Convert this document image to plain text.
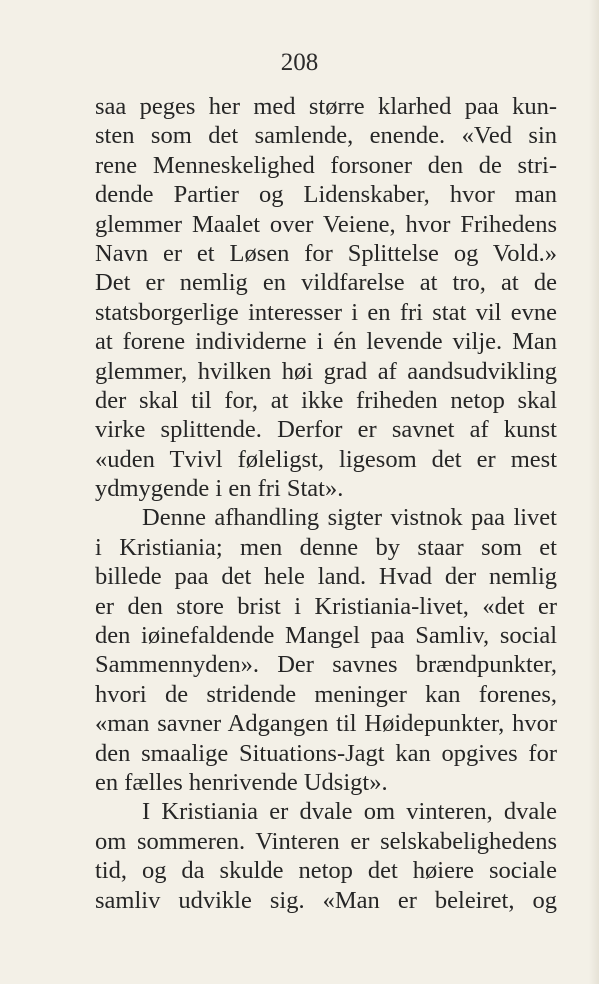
208
saa peges her med større klarhed paa kun-
sten som det samlende, enende. «Ved sin
rene Menneskelighed forsoner den de stri-
dende Partier og Lidenskaber, hvor man
glemmer Maalet over Veiene, hvor Frihedens
Navn er et Løsen for Splittelse og Vold.»
Det er nemlig en vildfarelse at tro, at de
statsborgerlige interesser i en fri stat vil evne
at forene individerne i én levende vilje. Man
glemmer, hvilken høi grad af aandsudvikling
der skal til for, at ikke friheden netop skal
virke splittende. Derfor er savnet af kunst
«uden Tvivl føleligst, ligesom det er mest
ydmygende i en fri Stat».
Denne afhandling sigter vistnok paa livet
i Kristiania; men denne by staar som et
billede paa det hele land. Hvad der nemlig
er den store brist i Kristiania-livet, «det er
den iøinefaldende Mangel paa Samliv, social
Sammennyden». Der savnes brændpunkter,
hvori de stridende meninger kan forenes,
«man savner Adgangen til Høidepunkter, hvor
den smaalige Situations-Jagt kan opgives for
en fælles henrivende Udsigt».
I Kristiania er dvale om vinteren, dvale
om sommeren. Vinteren er selskabelighedens
tid, og da skulde netop det høiere sociale
samliv udvikle sig. «Man er beleiret, og
